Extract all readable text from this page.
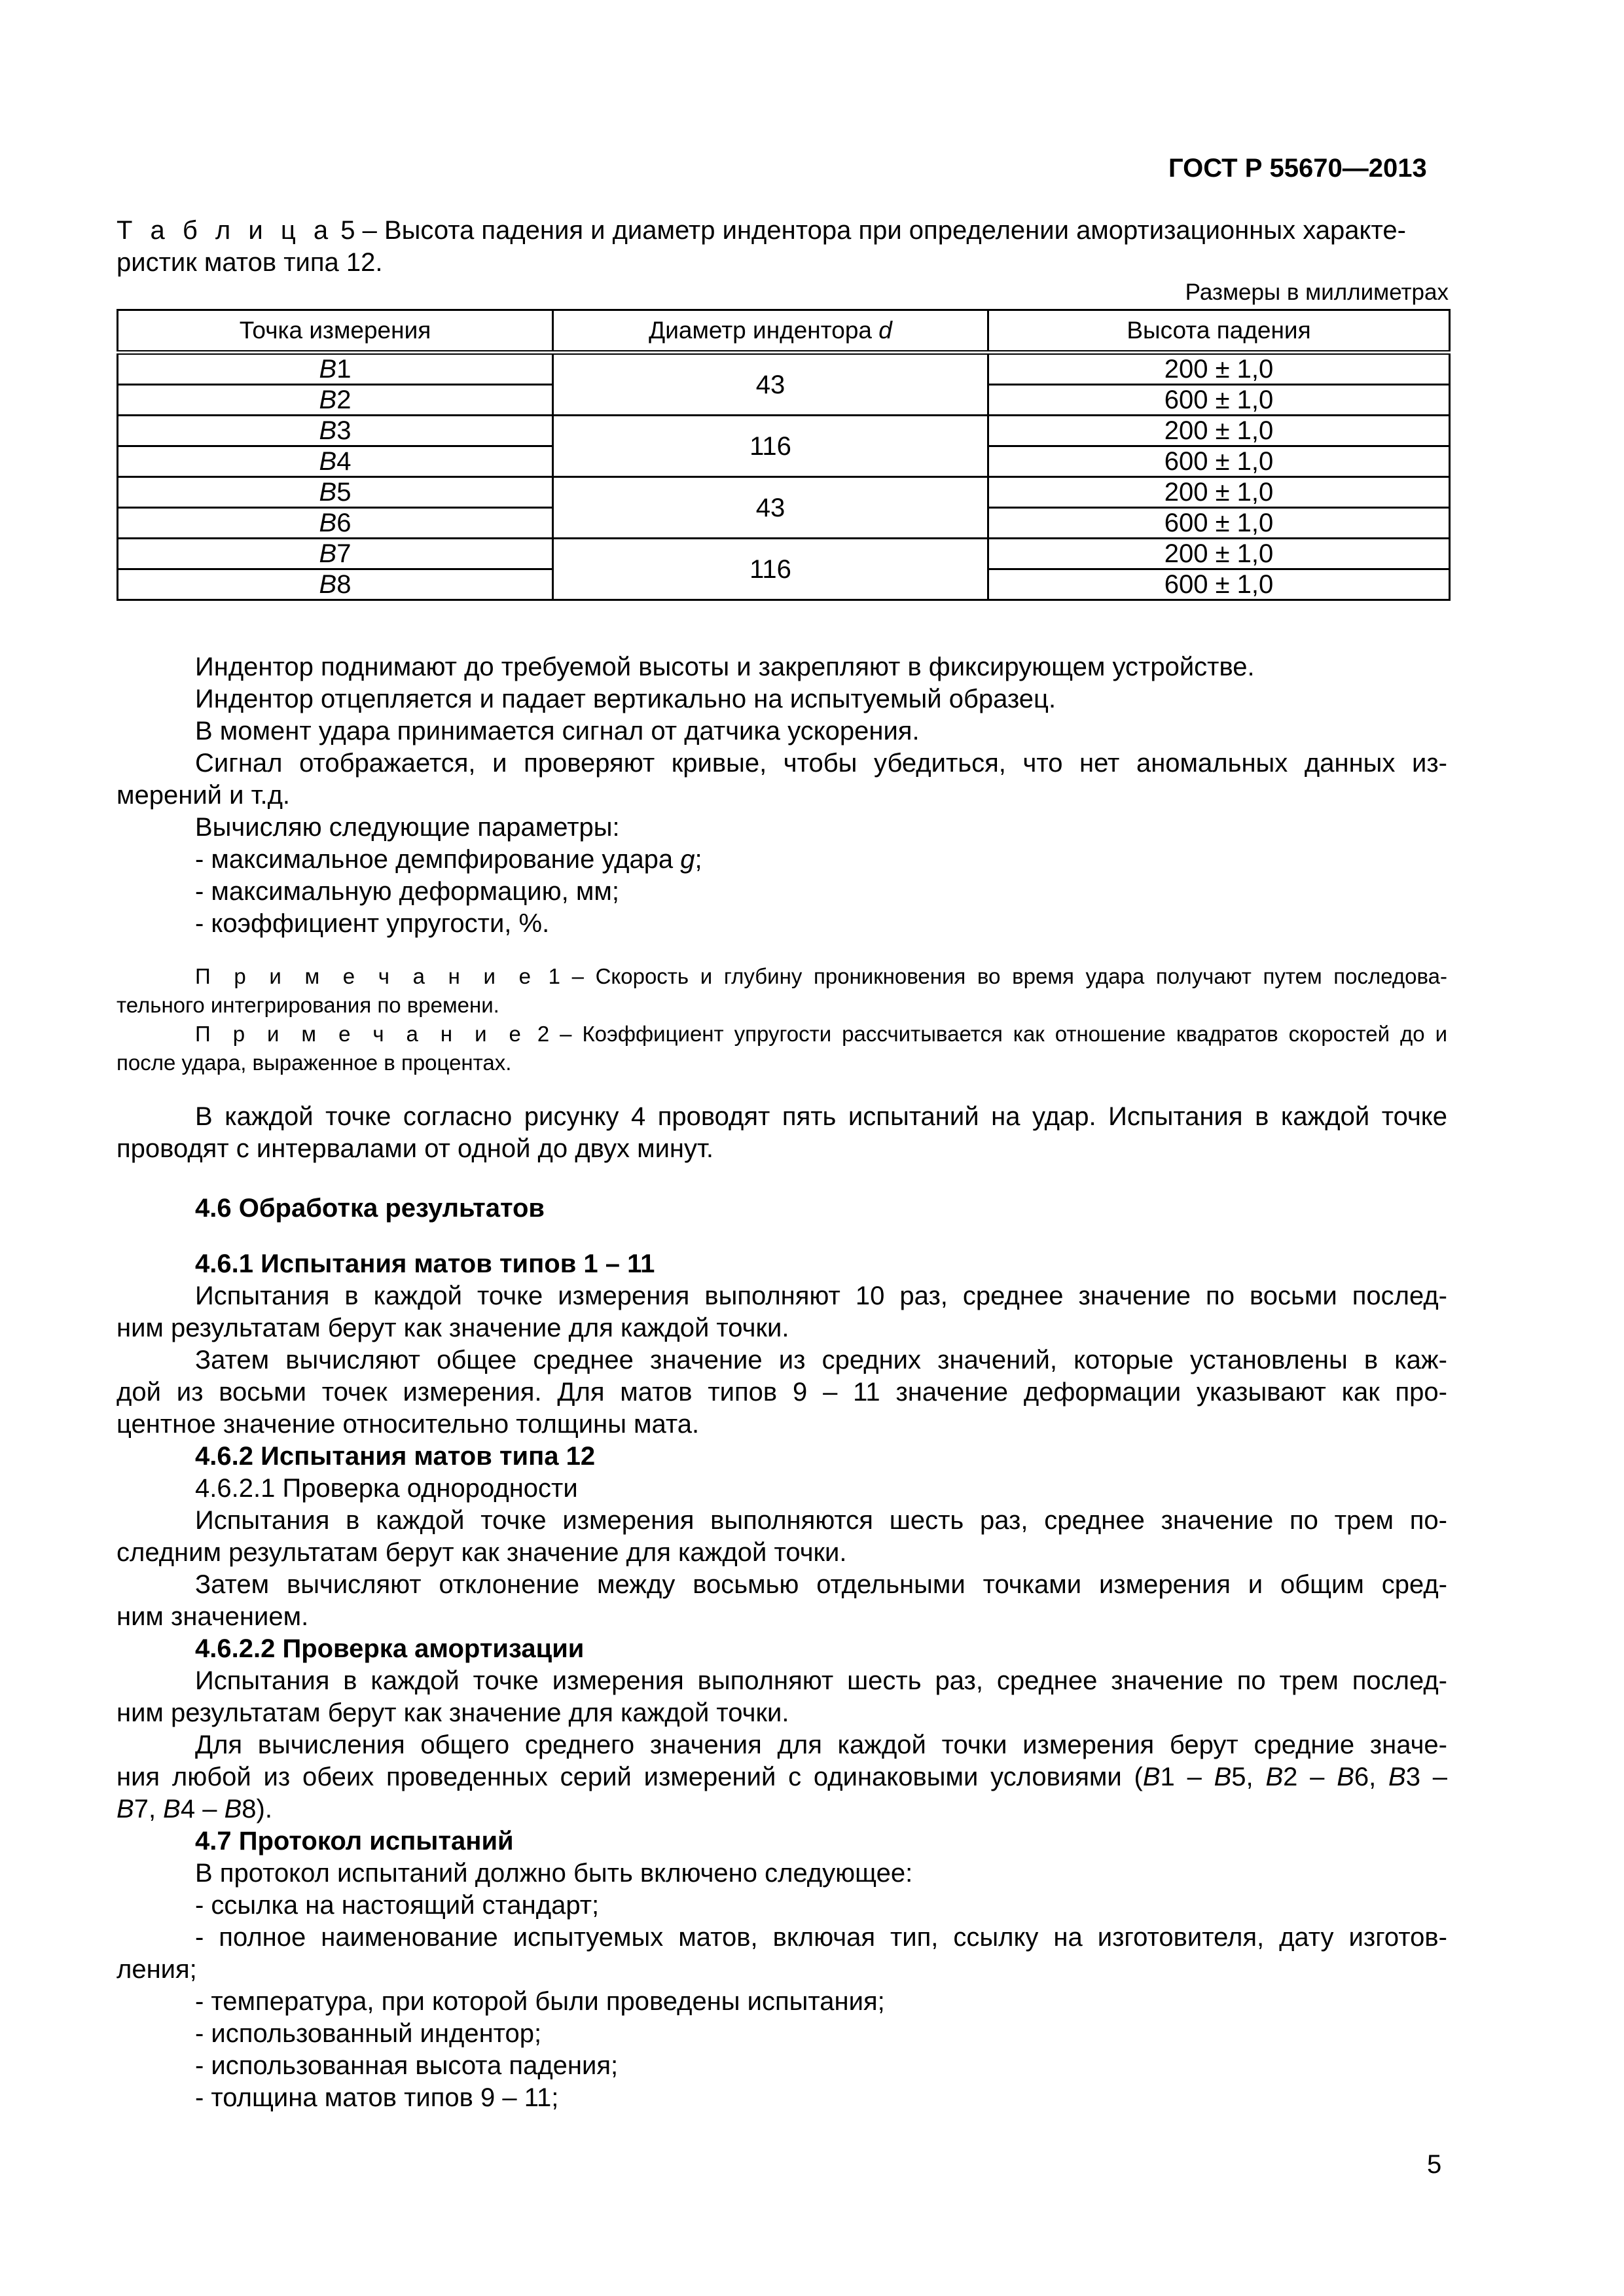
ГОСТ Р 55670—2013
Т а б л и ц а 5 – Высота падения и диаметр индентора при определении амортизационных характе-
ристик матов типа 12.
Размеры в миллиметрах
Точка измерения	Диаметр индентора d	Высота падения
B1	43	200 ± 1,0
B2		600 ± 1,0
B3	116	200 ± 1,0
B4		600 ± 1,0
B5	43	200 ± 1,0
B6		600 ± 1,0
B7	116	200 ± 1,0
B8		600 ± 1,0
Индентор поднимают до требуемой высоты и закрепляют в фиксирующем устройстве.
Индентор отцепляется и падает вертикально на испытуемый образец.
В момент удара принимается сигнал от датчика ускорения.
Сигнал отображается, и проверяют кривые, чтобы убедиться, что нет аномальных данных из-
мерений и т.д.
Вычисляю следующие параметры:
- максимальное демпфирование удара g;
- максимальную деформацию, мм;
- коэффициент упругости, %.
П р и м е ч а н и е 1 – Скорость и глубину проникновения во время удара получают путем последова-
тельного интегрирования по времени.
П р и м е ч а н и е 2 – Коэффициент упругости рассчитывается как отношение квадратов скоростей до и
после удара, выраженное в процентах.
В каждой точке согласно рисунку 4 проводят пять испытаний на удар. Испытания в каждой точке
проводят с интервалами от одной до двух минут.
4.6 Обработка результатов
4.6.1 Испытания матов типов 1 – 11
Испытания в каждой точке измерения выполняют 10 раз, среднее значение по восьми послед-
ним результатам берут как значение для каждой точки.
Затем вычисляют общее среднее значение из средних значений, которые установлены в каж-
дой из восьми точек измерения. Для матов типов 9 – 11 значение деформации указывают как про-
центное значение относительно толщины мата.
4.6.2 Испытания матов типа 12
4.6.2.1 Проверка однородности
Испытания в каждой точке измерения выполняются шесть раз, среднее значение по трем по-
следним результатам берут как значение для каждой точки.
Затем вычисляют отклонение между восьмью отдельными точками измерения и общим сред-
ним значением.
4.6.2.2 Проверка амортизации
Испытания в каждой точке измерения выполняют шесть раз, среднее значение по трем послед-
ним результатам берут как значение для каждой точки.
Для вычисления общего среднего значения для каждой точки измерения берут средние значе-
ния любой из обеих проведенных серий измерений с одинаковыми условиями (B1 – B5, B2 – B6, B3 –
B7, B4 – B8).
4.7 Протокол испытаний
В протокол испытаний должно быть включено следующее:
- ссылка на настоящий стандарт;
- полное наименование испытуемых матов, включая тип, ссылку на изготовителя, дату изготов-
ления;
- температура, при которой были проведены испытания;
- использованный индентор;
- использованная высота падения;
- толщина матов типов 9 – 11;
5
